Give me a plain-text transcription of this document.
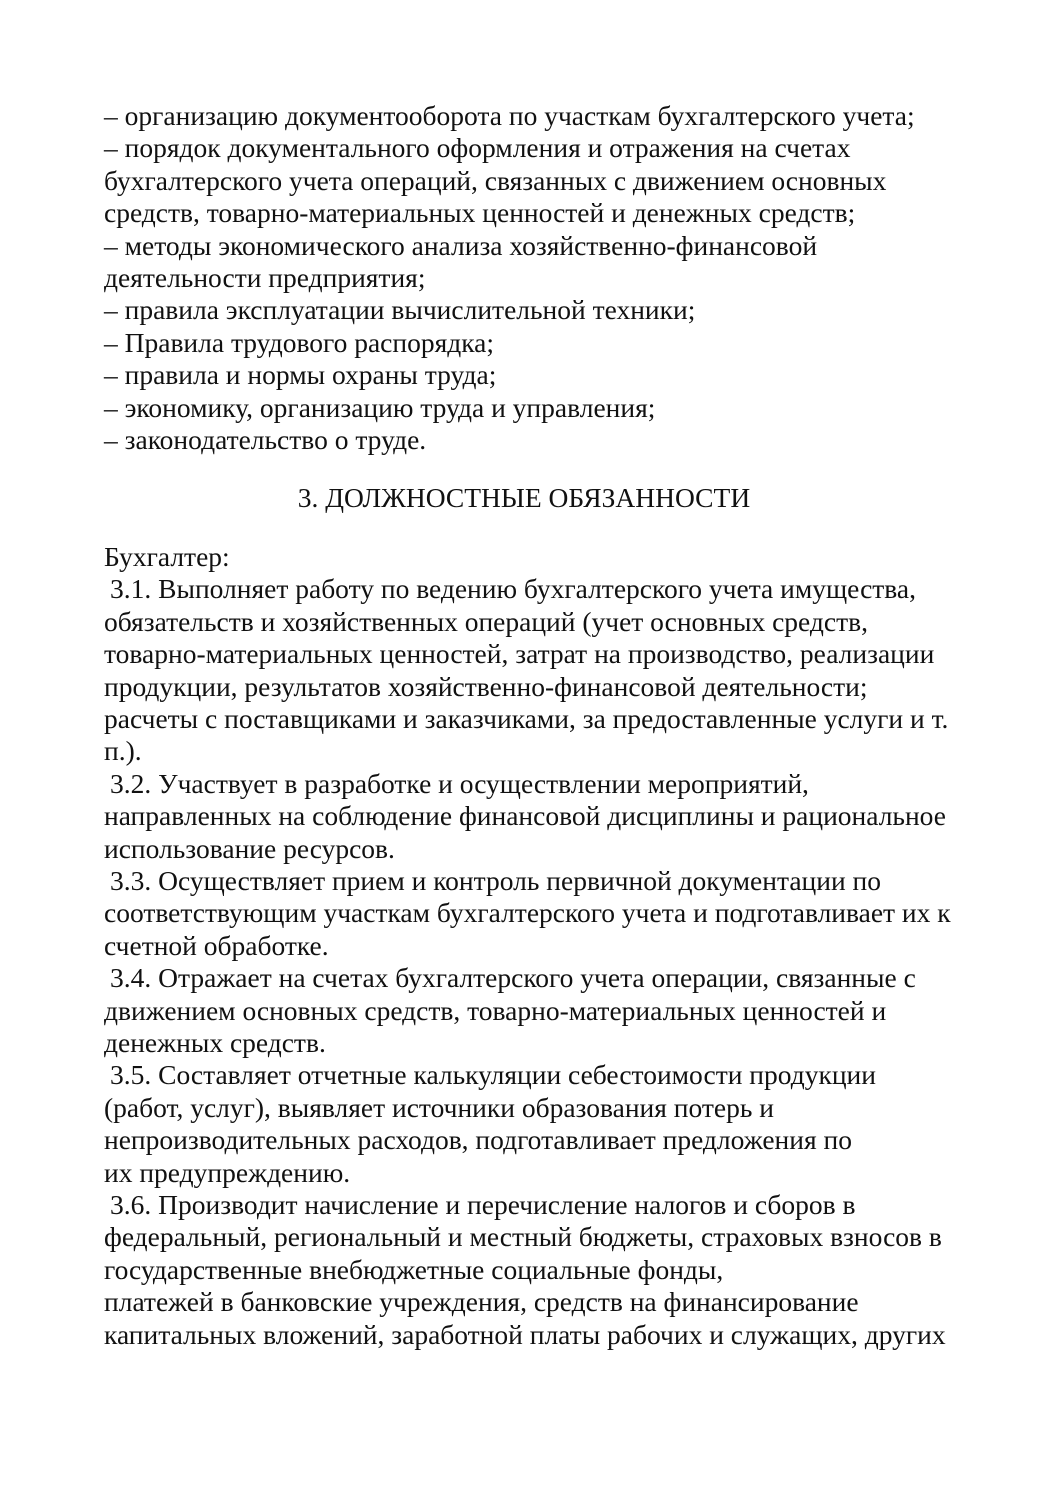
– организацию документооборота по участкам бухгалтерского учета;
– порядок документального оформления и отражения на счетах
бухгалтерского учета операций, связанных с движением основных
средств, товарно-материальных ценностей и денежных средств;
– методы экономического анализа хозяйственно-финансовой
деятельности предприятия;
– правила эксплуатации вычислительной техники;
– Правила трудового распорядка;
– правила и нормы охраны труда;
– экономику, организацию труда и управления;
– законодательство о труде.
3. ДОЛЖНОСТНЫЕ ОБЯЗАННОСТИ
Бухгалтер:
3.1. Выполняет работу по ведению бухгалтерского учета имущества,
обязательств и хозяйственных операций (учет основных средств,
товарно-материальных ценностей, затрат на производство, реализации
продукции, результатов хозяйственно-финансовой деятельности;
расчеты с поставщиками и заказчиками, за предоставленные услуги и т.
п.).
3.2. Участвует в разработке и осуществлении мероприятий,
направленных на соблюдение финансовой дисциплины и рациональное
использование ресурсов.
3.3. Осуществляет прием и контроль первичной документации по
соответствующим участкам бухгалтерского учета и подготавливает их к
счетной обработке.
3.4. Отражает на счетах бухгалтерского учета операции, связанные с
движением основных средств, товарно-материальных ценностей и
денежных средств.
3.5. Составляет отчетные калькуляции себестоимости продукции
(работ, услуг), выявляет источники образования потерь и
непроизводительных расходов, подготавливает предложения по
их предупреждению.
3.6. Производит начисление и перечисление налогов и сборов в
федеральный, региональный и местный бюджеты, страховых взносов в
государственные внебюджетные социальные фонды,
платежей в банковские учреждения, средств на финансирование
капитальных вложений, заработной платы рабочих и служащих, других
